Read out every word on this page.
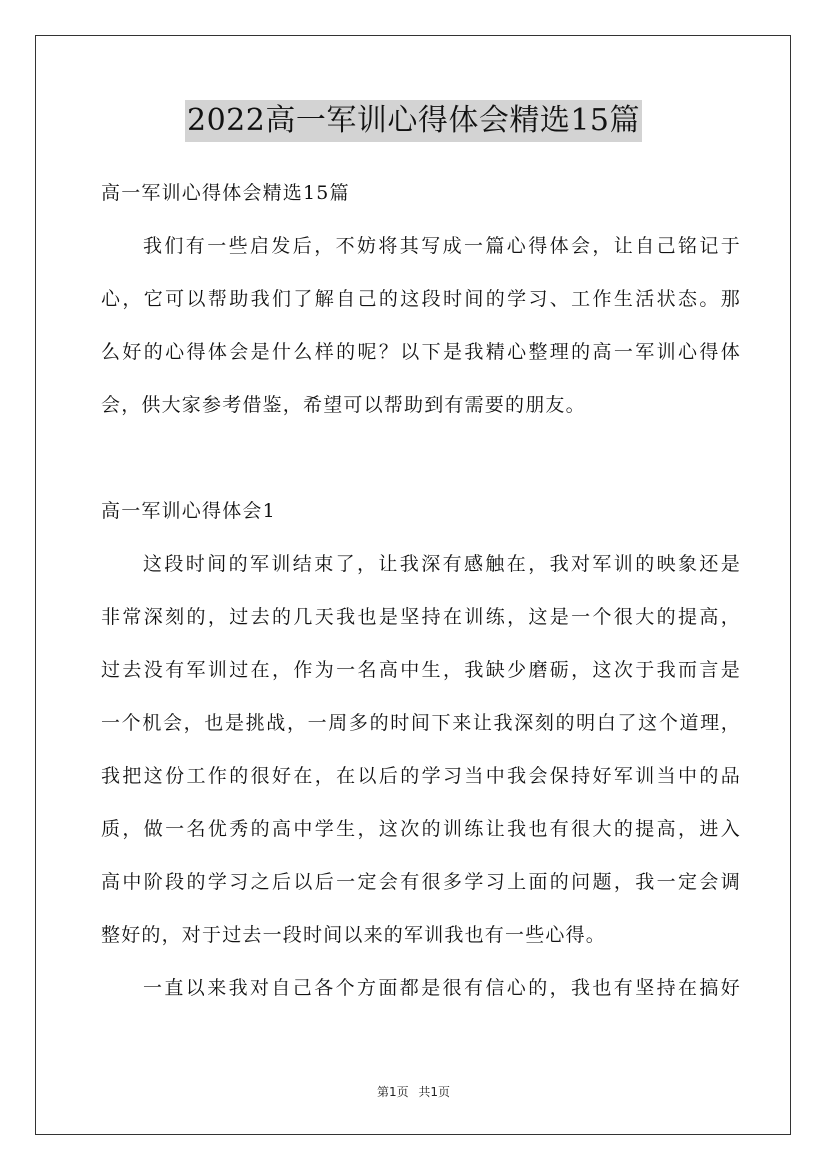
2022高一军训心得体会精选15篇
高一军训心得体会精选15篇
我们有一些启发后，不妨将其写成一篇心得体会，让自己铭记于
心，它可以帮助我们了解自己的这段时间的学习、工作生活状态。那
么好的心得体会是什么样的呢？以下是我精心整理的高一军训心得体
会，供大家参考借鉴，希望可以帮助到有需要的朋友。
高一军训心得体会1
这段时间的军训结束了，让我深有感触在，我对军训的映象还是
非常深刻的，过去的几天我也是坚持在训练，这是一个很大的提高，
过去没有军训过在，作为一名高中生，我缺少磨砺，这次于我而言是
一个机会，也是挑战，一周多的时间下来让我深刻的明白了这个道理，
我把这份工作的很好在，在以后的学习当中我会保持好军训当中的品
质，做一名优秀的高中学生，这次的训练让我也有很大的提高，进入
高中阶段的学习之后以后一定会有很多学习上面的问题，我一定会调
整好的，对于过去一段时间以来的军训我也有一些心得。
一直以来我对自己各个方面都是很有信心的，我也有坚持在搞好
第1页 共1页
